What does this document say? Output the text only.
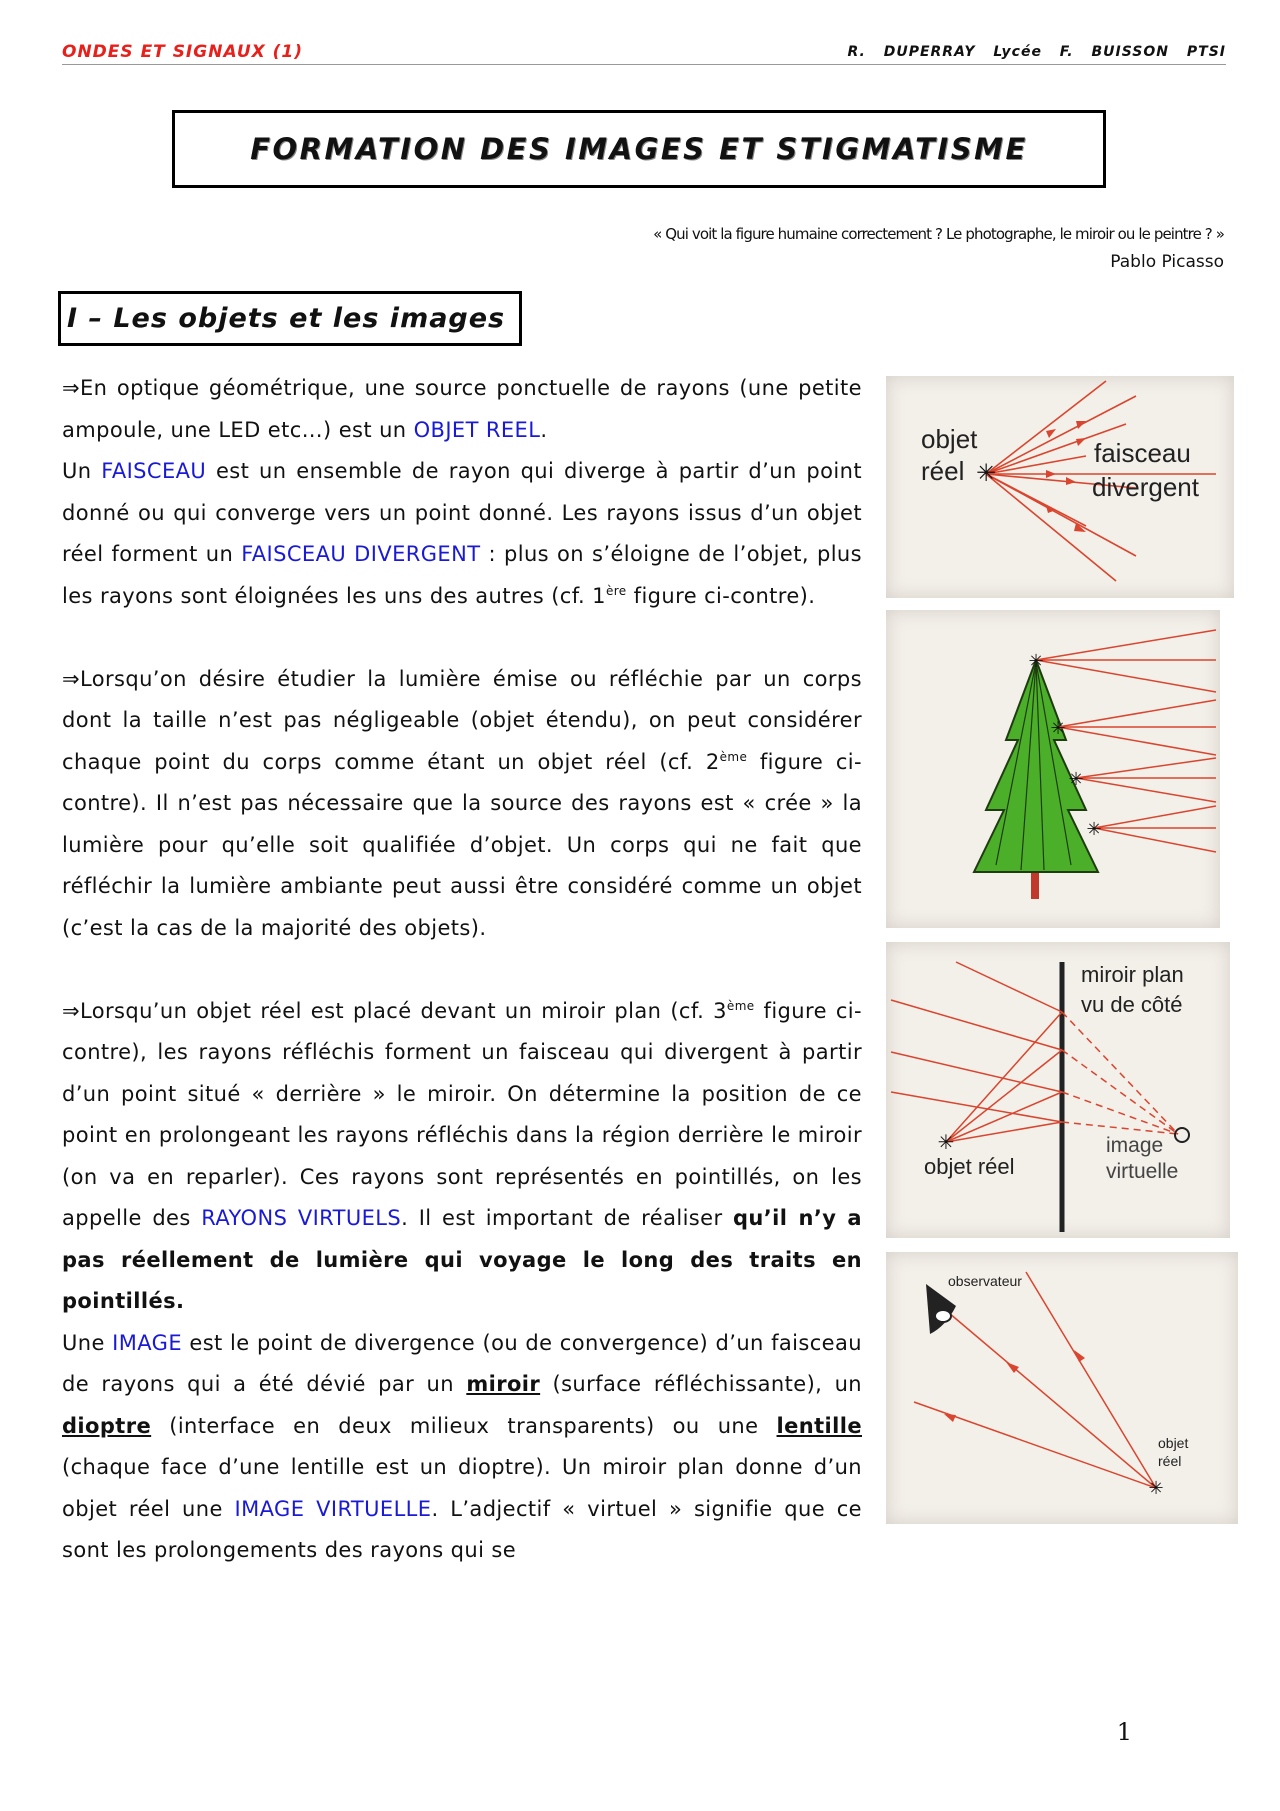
ONDES ET SIGNAUX (1)	R. DUPERRAY Lycée F. BUISSON PTSI
FORMATION DES IMAGES ET STIGMATISME
« Qui voit la figure humaine correctement ? Le photographe, le miroir ou le peintre ? »
Pablo Picasso
I – Les objets et les images

⇒En optique géométrique, une source ponctuelle de rayons (une petite ampoule, une LED etc…) est un OBJET REEL.

Un FAISCEAU est un ensemble de rayon qui diverge à partir d’un point donné ou qui converge vers un point donné. Les rayons issus d’un objet réel forment un FAISCEAU DIVERGENT : plus on s’éloigne de l’objet, plus les rayons sont éloignées les uns des autres (cf. 1ère figure ci-contre).

⇒Lorsqu’on désire étudier la lumière émise ou réfléchie par un corps dont la taille n’est pas négligeable (objet étendu), on peut considérer chaque point du corps comme étant un objet réel (cf. 2ème figure ci-contre). Il n’est pas nécessaire que la source des rayons est « crée » la lumière pour qu’elle soit qualifiée d’objet. Un corps qui ne fait que réfléchir la lumière ambiante peut aussi être considéré comme un objet (c’est la cas de la majorité des objets).

⇒Lorsqu’un objet réel est placé devant un miroir plan (cf. 3ème figure ci-contre), les rayons réfléchis forment un faisceau qui divergent à partir d’un point situé « derrière » le miroir. On détermine la position de ce point en prolongeant les rayons réfléchis dans la région derrière le miroir (on va en reparler). Ces rayons sont représentés en pointillés, on les appelle des RAYONS VIRTUELS. Il est important de réaliser qu’il n’y a pas réellement de lumière qui voyage le long des traits en pointillés.

Une IMAGE est le point de divergence (ou de convergence) d’un faisceau de rayons qui a été dévié par un miroir (surface réfléchissante), un dioptre (interface en deux milieux transparents) ou une lentille (chaque face d’une lentille est un dioptre). Un miroir plan donne d’un objet réel une IMAGE VIRTUELLE. L’adjectif « virtuel » signifie que ce sont les prolongements des rayons qui se

✳
objet
réel
faisceau
divergent
✳
✳
✳
✳
✳
miroir plan
vu de côté
objet réel
image
virtuelle
✳
observateur
objet
réel
1
